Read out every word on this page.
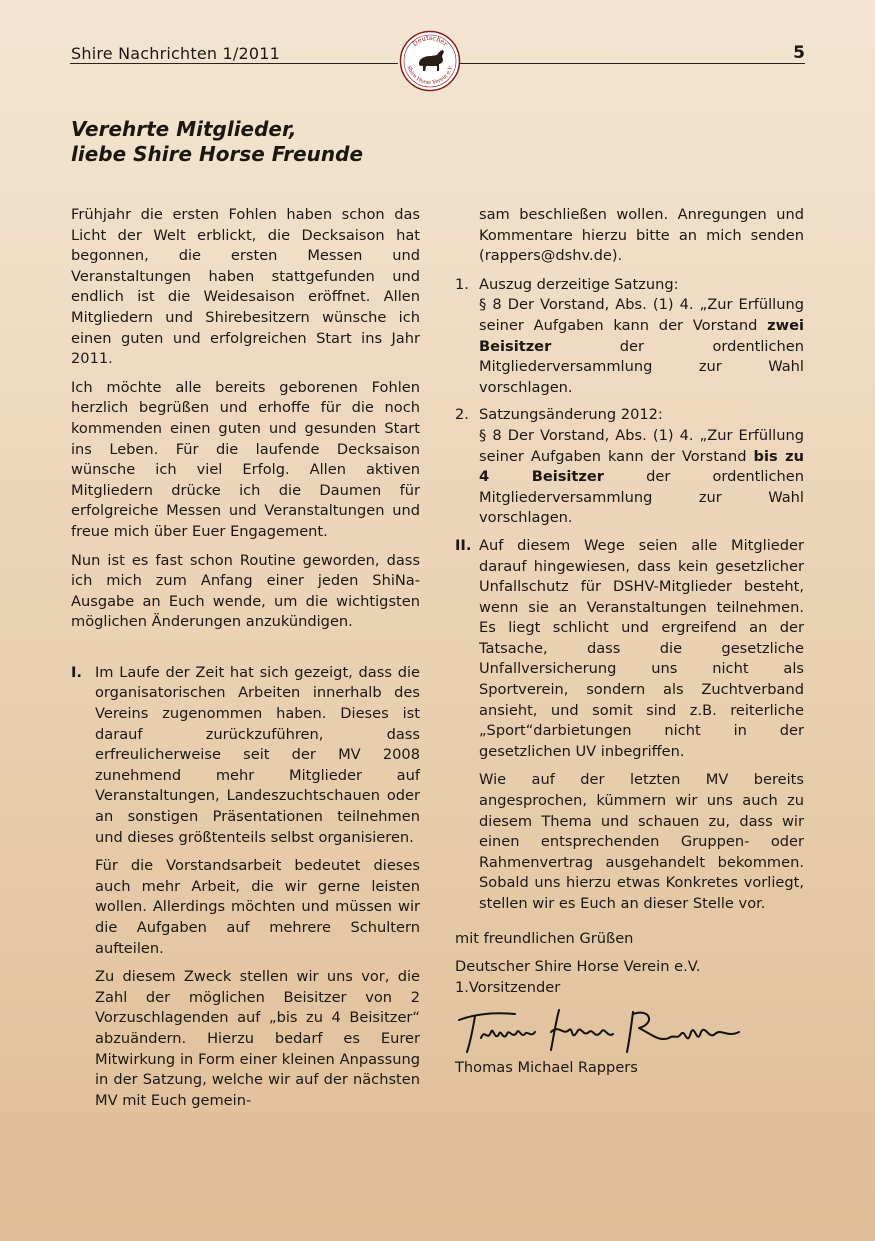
Shire Nachrichten 1/2011	5
Deutscher
Shire Horse Verein e.V.
Verehrte Mitglieder,
liebe Shire Horse Freunde

Frühjahr die ersten Fohlen haben schon das Licht der Welt erblickt, die Decksaison hat begonnen, die ersten Messen und Veranstaltungen haben stattgefunden und endlich ist die Weidesaison eröffnet. Allen Mitgliedern und Shirebesitzern wünsche ich einen guten und erfolgreichen Start ins Jahr 2011.

Ich möchte alle bereits geborenen Fohlen herzlich begrüßen und erhoffe für die noch kommenden einen guten und gesunden Start ins Leben. Für die laufende Decksaison wünsche ich viel Erfolg. Allen aktiven Mitgliedern drücke ich die Daumen für erfolgreiche Messen und Veranstaltungen und freue mich über Euer Engagement.

Nun ist es fast schon Routine geworden, dass ich mich zum Anfang einer jeden ShiNa-Ausgabe an Euch wende, um die wichtigsten möglichen Änderungen anzukündigen.

I. Im Laufe der Zeit hat sich gezeigt, dass die organisatorischen Arbeiten innerhalb des Vereins zugenommen haben. Dieses ist darauf zurückzuführen, dass erfreulicherweise seit der MV 2008 zunehmend mehr Mitglieder auf Veranstaltungen, Landeszuchtschauen oder an sonstigen Präsentationen teilnehmen und dieses größtenteils selbst organisieren.

Für die Vorstandsarbeit bedeutet dieses auch mehr Arbeit, die wir gerne leisten wollen. Allerdings möchten und müssen wir die Aufgaben auf mehrere Schultern aufteilen.

Zu diesem Zweck stellen wir uns vor, die Zahl der möglichen Beisitzer von 2 Vorzuschlagenden auf „bis zu 4 Beisitzer“ abzuändern. Hierzu bedarf es Eurer Mitwirkung in Form einer kleinen Anpassung in der Satzung, welche wir auf der nächsten MV mit Euch gemein-

sam beschließen wollen. Anregungen und Kommentare hierzu bitte an mich senden (rappers@dshv.de).

1. Auszug derzeitige Satzung:

§ 8 Der Vorstand, Abs. (1) 4. „Zur Erfüllung seiner Aufgaben kann der Vorstand zwei Beisitzer der ordentlichen Mitgliederversammlung zur Wahl vorschlagen.

2. Satzungsänderung 2012:

§ 8 Der Vorstand, Abs. (1) 4. „Zur Erfüllung seiner Aufgaben kann der Vorstand bis zu 4 Beisitzer der ordentlichen Mitgliederversammlung zur Wahl vorschlagen.

II. Auf diesem Wege seien alle Mitglieder darauf hingewiesen, dass kein gesetzlicher Unfallschutz für DSHV-Mitglieder besteht, wenn sie an Veranstaltungen teilnehmen. Es liegt schlicht und ergreifend an der Tatsache, dass die gesetzliche Unfallversicherung uns nicht als Sportverein, sondern als Zuchtverband ansieht, und somit sind z.B. reiterliche „Sport“darbietungen nicht in der gesetzlichen UV inbegriffen.

Wie auf der letzten MV bereits angesprochen, kümmern wir uns auch zu diesem Thema und schauen zu, dass wir einen entsprechenden Gruppen- oder Rahmenvertrag ausgehandelt bekommen. Sobald uns hierzu etwas Konkretes vorliegt, stellen wir es Euch an dieser Stelle vor.

mit freundlichen Grüßen

Deutscher Shire Horse Verein e.V.

1.Vorsitzender

Thomas Michael Rappers
